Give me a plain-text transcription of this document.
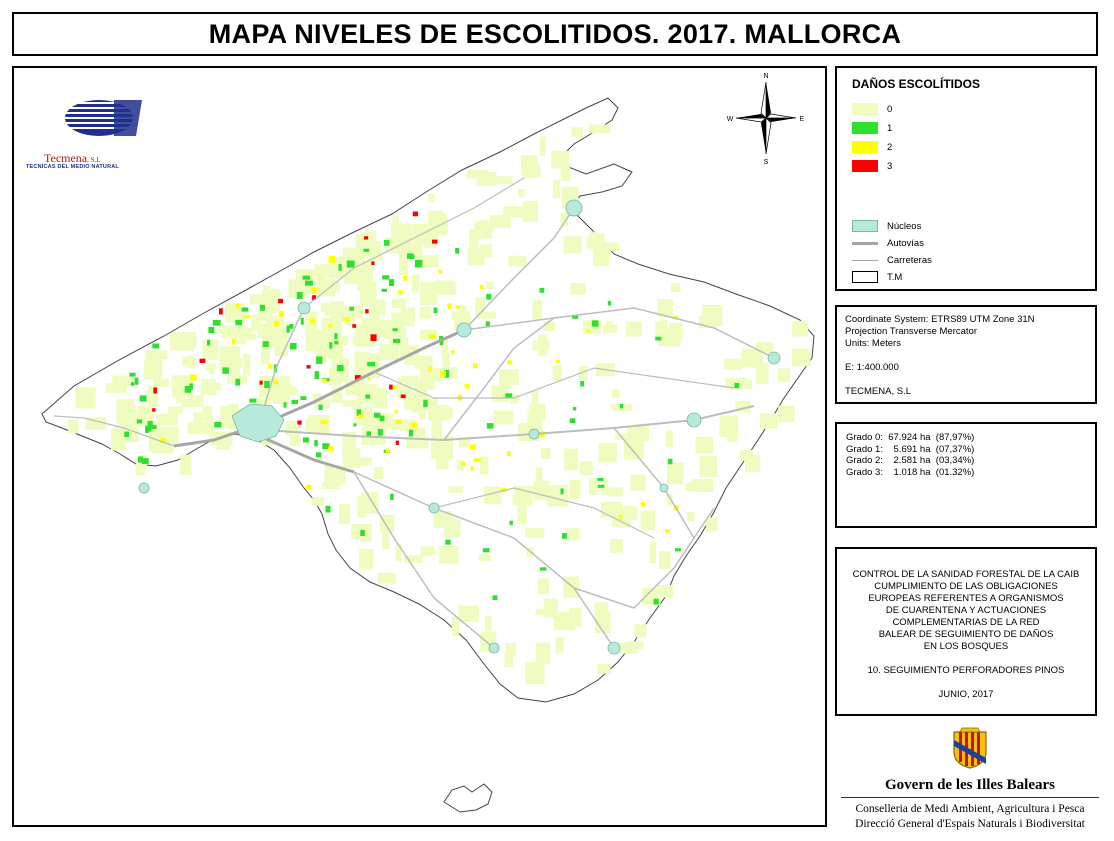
MAPA NIVELES DE ESCOLITIDOS. 2017. MALLORCA
N
S
E
W
Tecmena, S.L
TECNICAS DEL MEDIO NATURAL
DAÑOS ESCOLÍTIDOS
0
1
2
3
Núcleos
Autovías
Carreteras
T.M
Coordinate System: ETRS89 UTM Zone 31N
Projection Transverse Mercator
Units: Meters
E: 1:400.000
TECMENA, S.L
Grado 0:  67.924 ha  (87,97%)
Grado 1:    5.691 ha  (07,37%)
Grado 2:    2.581 ha  (03,34%)
Grado 3:    1.018 ha  (01.32%)
CONTROL DE LA SANIDAD FORESTAL DE LA CAIB
CUMPLIMIENTO DE LAS OBLIGACIONES
EUROPEAS REFERENTES A ORGANISMOS
DE CUARENTENA Y ACTUACIONES
COMPLEMENTARIAS DE LA RED
BALEAR DE SEGUIMIENTO DE DAÑOS
EN LOS BOSQUES
10. SEGUIMIENTO PERFORADORES PINOS
JUNIO, 2017
Govern de les Illes Balears
Conselleria de Medi Ambient, Agricultura i Pesca
Direcció General d'Espais Naturals i Biodiversitat
